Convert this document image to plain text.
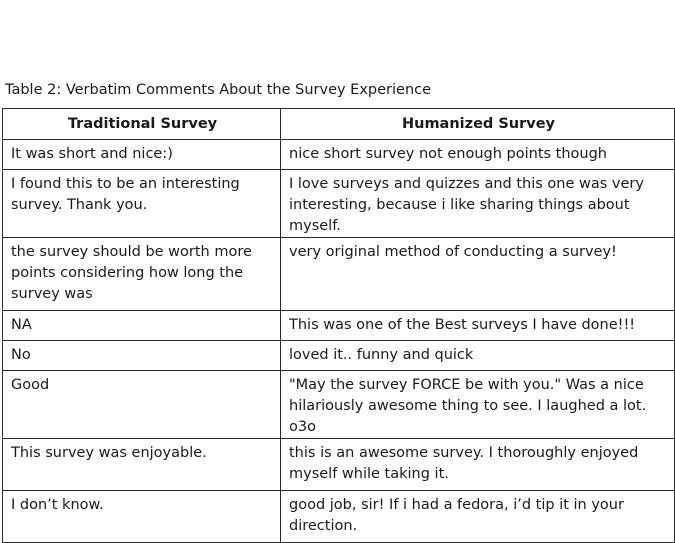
Table 2: Verbatim Comments About the Survey Experience
Traditional Survey	Humanized Survey

It was short and nice:)	nice short survey not enough points though

I found this to be an interesting survey. Thank you.	I love surveys and quizzes and this one was very interesting, because i like sharing things about myself.

the survey should be worth more points considering how long the survey was	very original method of conducting a survey!

NA	This was one of the Best surveys I have done!!!

No	loved it.. funny and quick

Good	"May the survey FORCE be with you." Was a nice hilariously awesome thing to see. I laughed a lot. o3o

This survey was enjoyable.	this is an awesome survey. I thoroughly enjoyed myself while taking it.

I don’t know.	good job, sir! If i had a fedora, i’d tip it in your direction.
